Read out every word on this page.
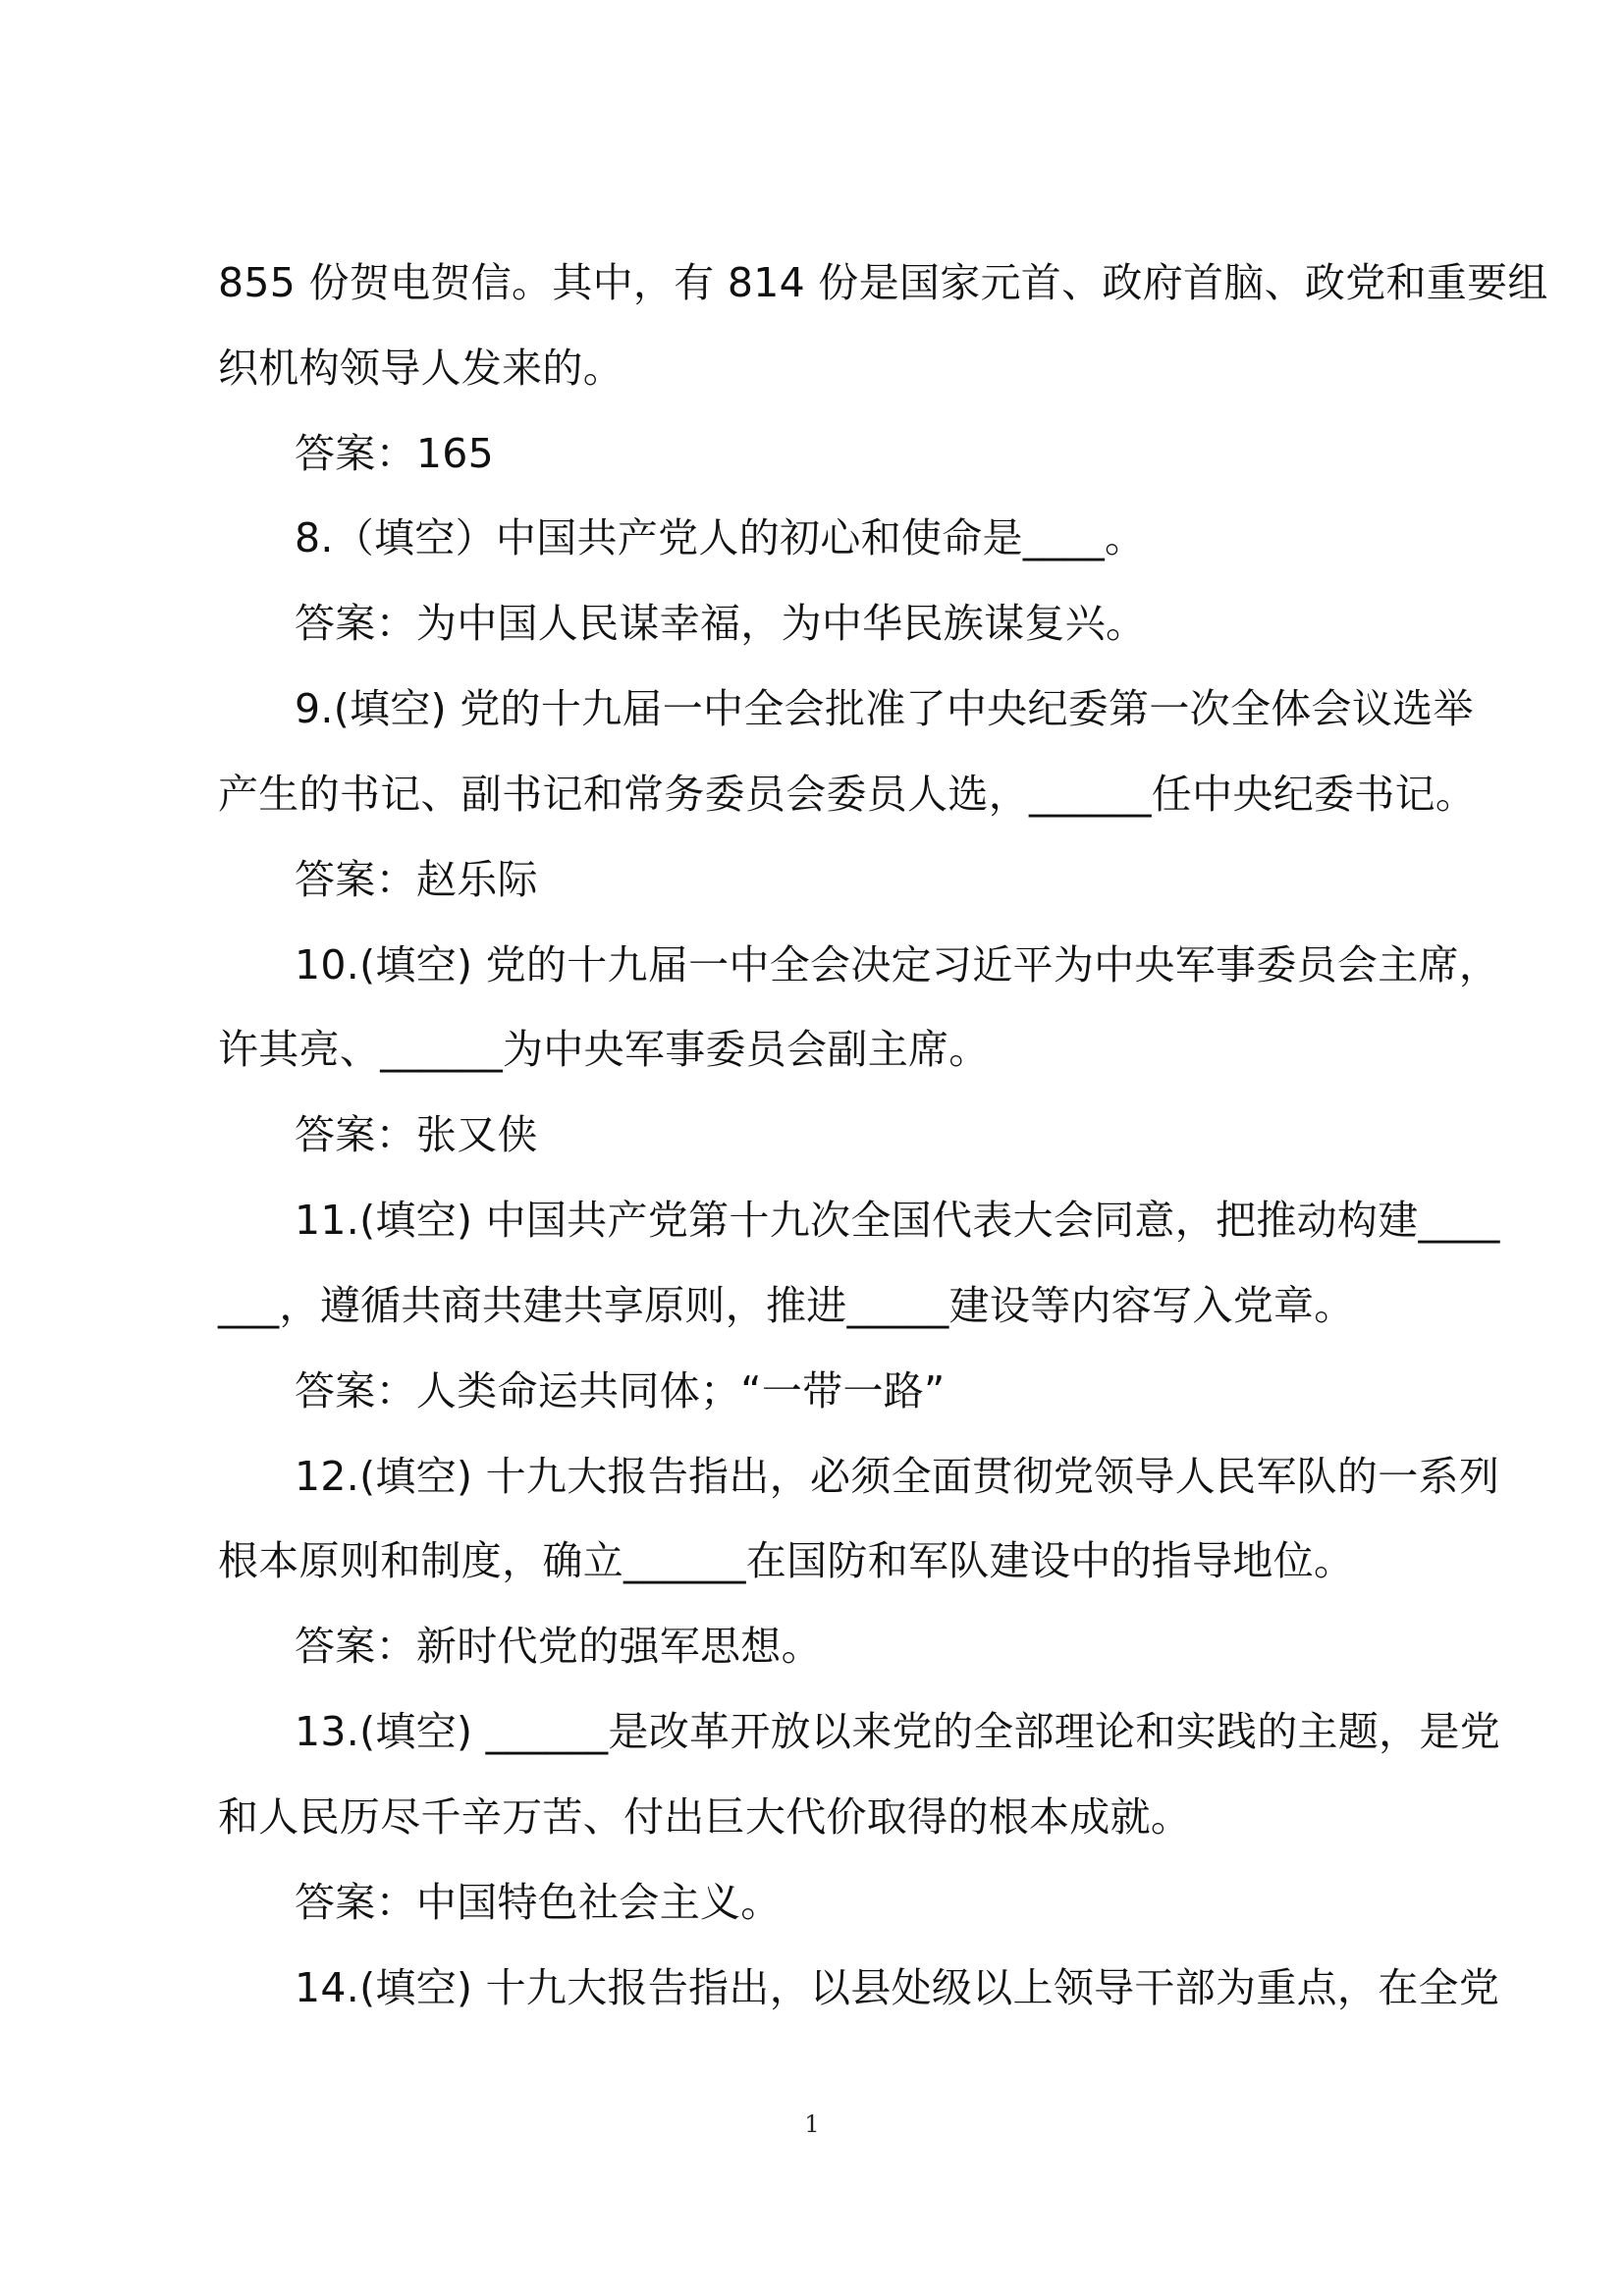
855 份贺电贺信。其中，有 814 份是国家元首、政府首脑、政党和重要组
织机构领导人发来的。
答案：165
8.（填空）中国共产党人的初心和使命是____。
答案：为中国人民谋幸福，为中华民族谋复兴。
9.(填空) 党的十九届一中全会批准了中央纪委第一次全体会议选举
产生的书记、副书记和常务委员会委员人选，______任中央纪委书记。
答案：赵乐际
10.(填空) 党的十九届一中全会决定习近平为中央军事委员会主席，
许其亮、______为中央军事委员会副主席。
答案：张又侠
11.(填空) 中国共产党第十九次全国代表大会同意，把推动构建____
___，遵循共商共建共享原则，推进_____建设等内容写入党章。
答案：人类命运共同体；“一带一路”
12.(填空) 十九大报告指出，必须全面贯彻党领导人民军队的一系列
根本原则和制度，确立______在国防和军队建设中的指导地位。
答案：新时代党的强军思想。
13.(填空) ______是改革开放以来党的全部理论和实践的主题，是党
和人民历尽千辛万苦、付出巨大代价取得的根本成就。
答案：中国特色社会主义。
14.(填空) 十九大报告指出，以县处级以上领导干部为重点，在全党
1
